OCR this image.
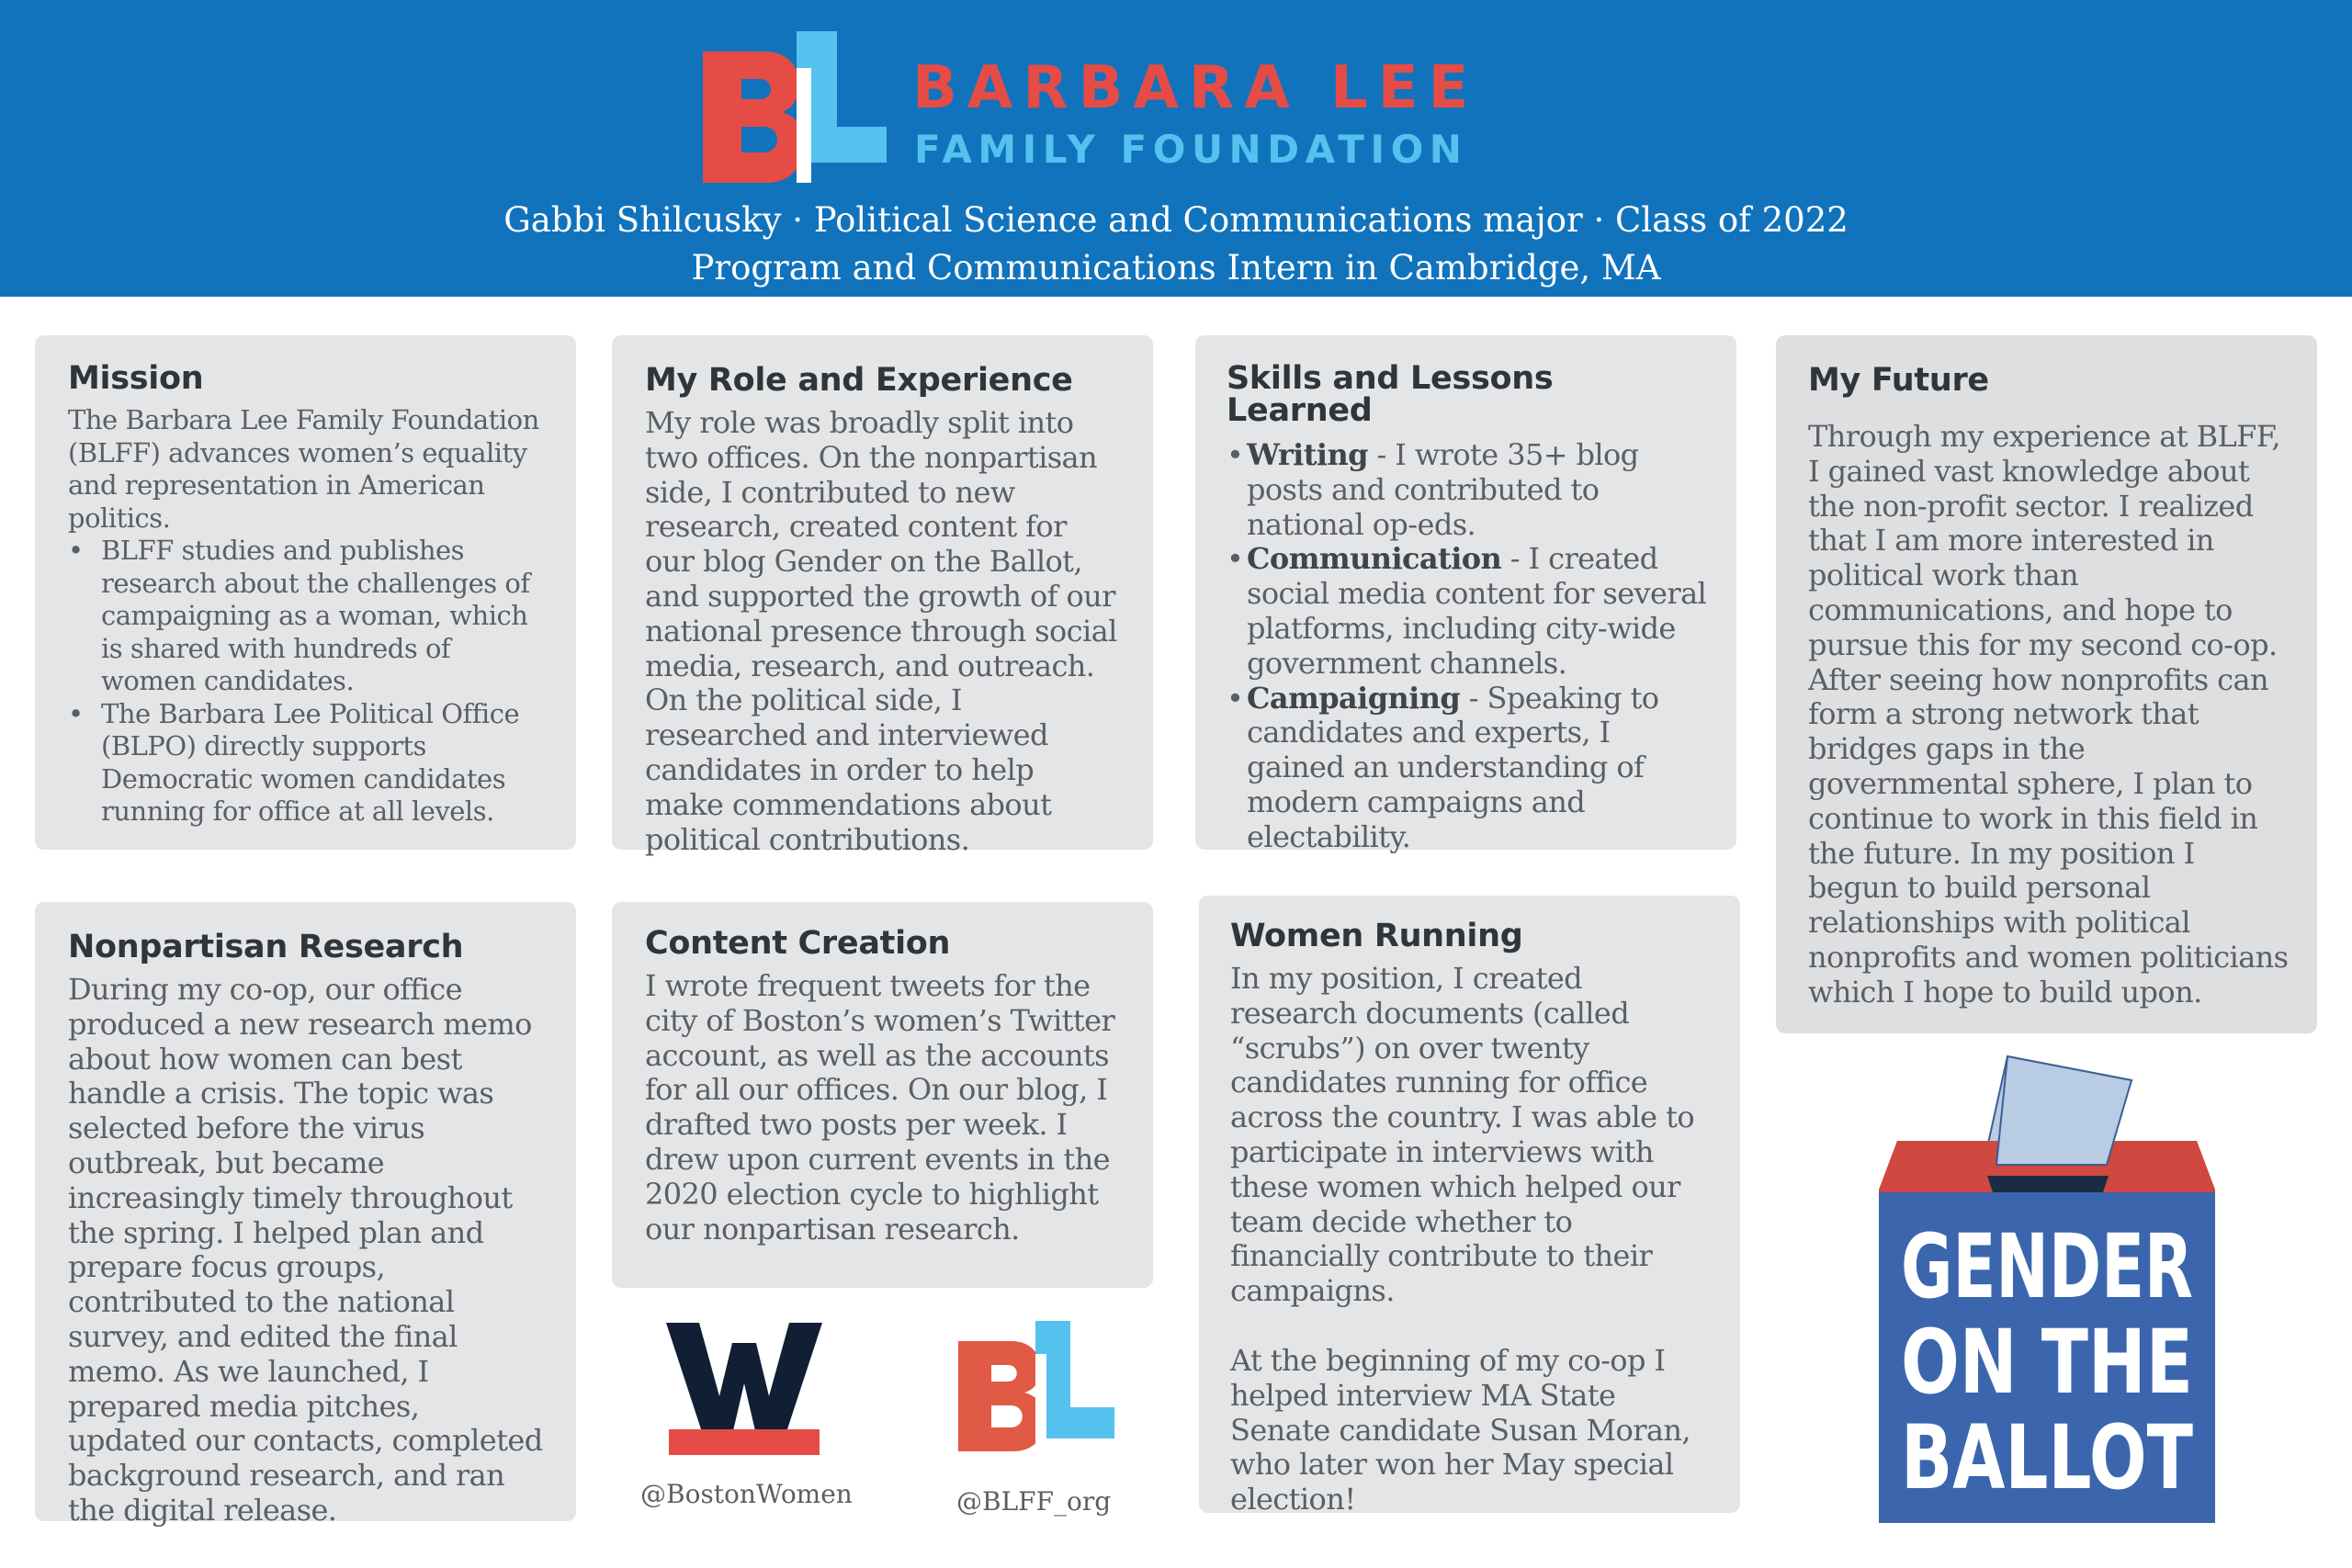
BARBARA LEE
FAMILY FOUNDATION
Gabbi Shilcusky · Political Science and Communications major · Class of 2022
Program and Communications Intern in Cambridge, MA
Mission

The Barbara Lee Family Foundation (BLFF) advances women’s equality and representation in American politics.

• BLFF studies and publishes research about the challenges of campaigning as a woman, which is shared with hundreds of women candidates.
• The Barbara Lee Political Office (BLPO) directly supports Democratic women candidates running for office at all levels.
My Role and Experience

My role was broadly split into two offices. On the nonpartisan side, I contributed to new research, created content for our blog Gender on the Ballot, and supported the growth of our national presence through social media, research, and outreach. On the political side, I researched and interviewed candidates in order to help make commendations about political contributions.

Skills and Lessons Learned
• Writing - I wrote 35+ blog posts and contributed to national op-eds.
• Communication - I created social media content for several platforms, including city-wide government channels.
• Campaigning - Speaking to candidates and experts, I gained an understanding of modern campaigns and electability.
My Future

Through my experience at BLFF, I gained vast knowledge about the non-profit sector. I realized that I am more interested in political work than communications, and hope to pursue this for my second co-op. After seeing how nonprofits can form a strong network that bridges gaps in the governmental sphere, I plan to continue to work in this field in the future. In my position I begun to build personal relationships with political nonprofits and women politicians which I hope to build upon.

Nonpartisan Research

During my co-op, our office produced a new research memo about how women can best handle a crisis. The topic was selected before the virus outbreak, but became increasingly timely throughout the spring. I helped plan and prepare focus groups, contributed to the national survey, and edited the final memo. As we launched, I prepared media pitches, updated our contacts, completed background research, and ran the digital release.

Content Creation

I wrote frequent tweets for the city of Boston’s women’s Twitter account, as well as the accounts for all our offices. On our blog, I drafted two posts per week. I drew upon current events in the 2020 election cycle to highlight our nonpartisan research.

Women Running

In my position, I created research documents (called “scrubs”) on over twenty candidates running for office across the country. I was able to participate in interviews with these women which helped our team decide whether to financially contribute to their campaigns.

At the beginning of my co-op I helped interview MA State Senate candidate Susan Moran, who later won her May special election!

@BostonWomen	@BLFF_org
GENDER
ON THE
BALLOT
